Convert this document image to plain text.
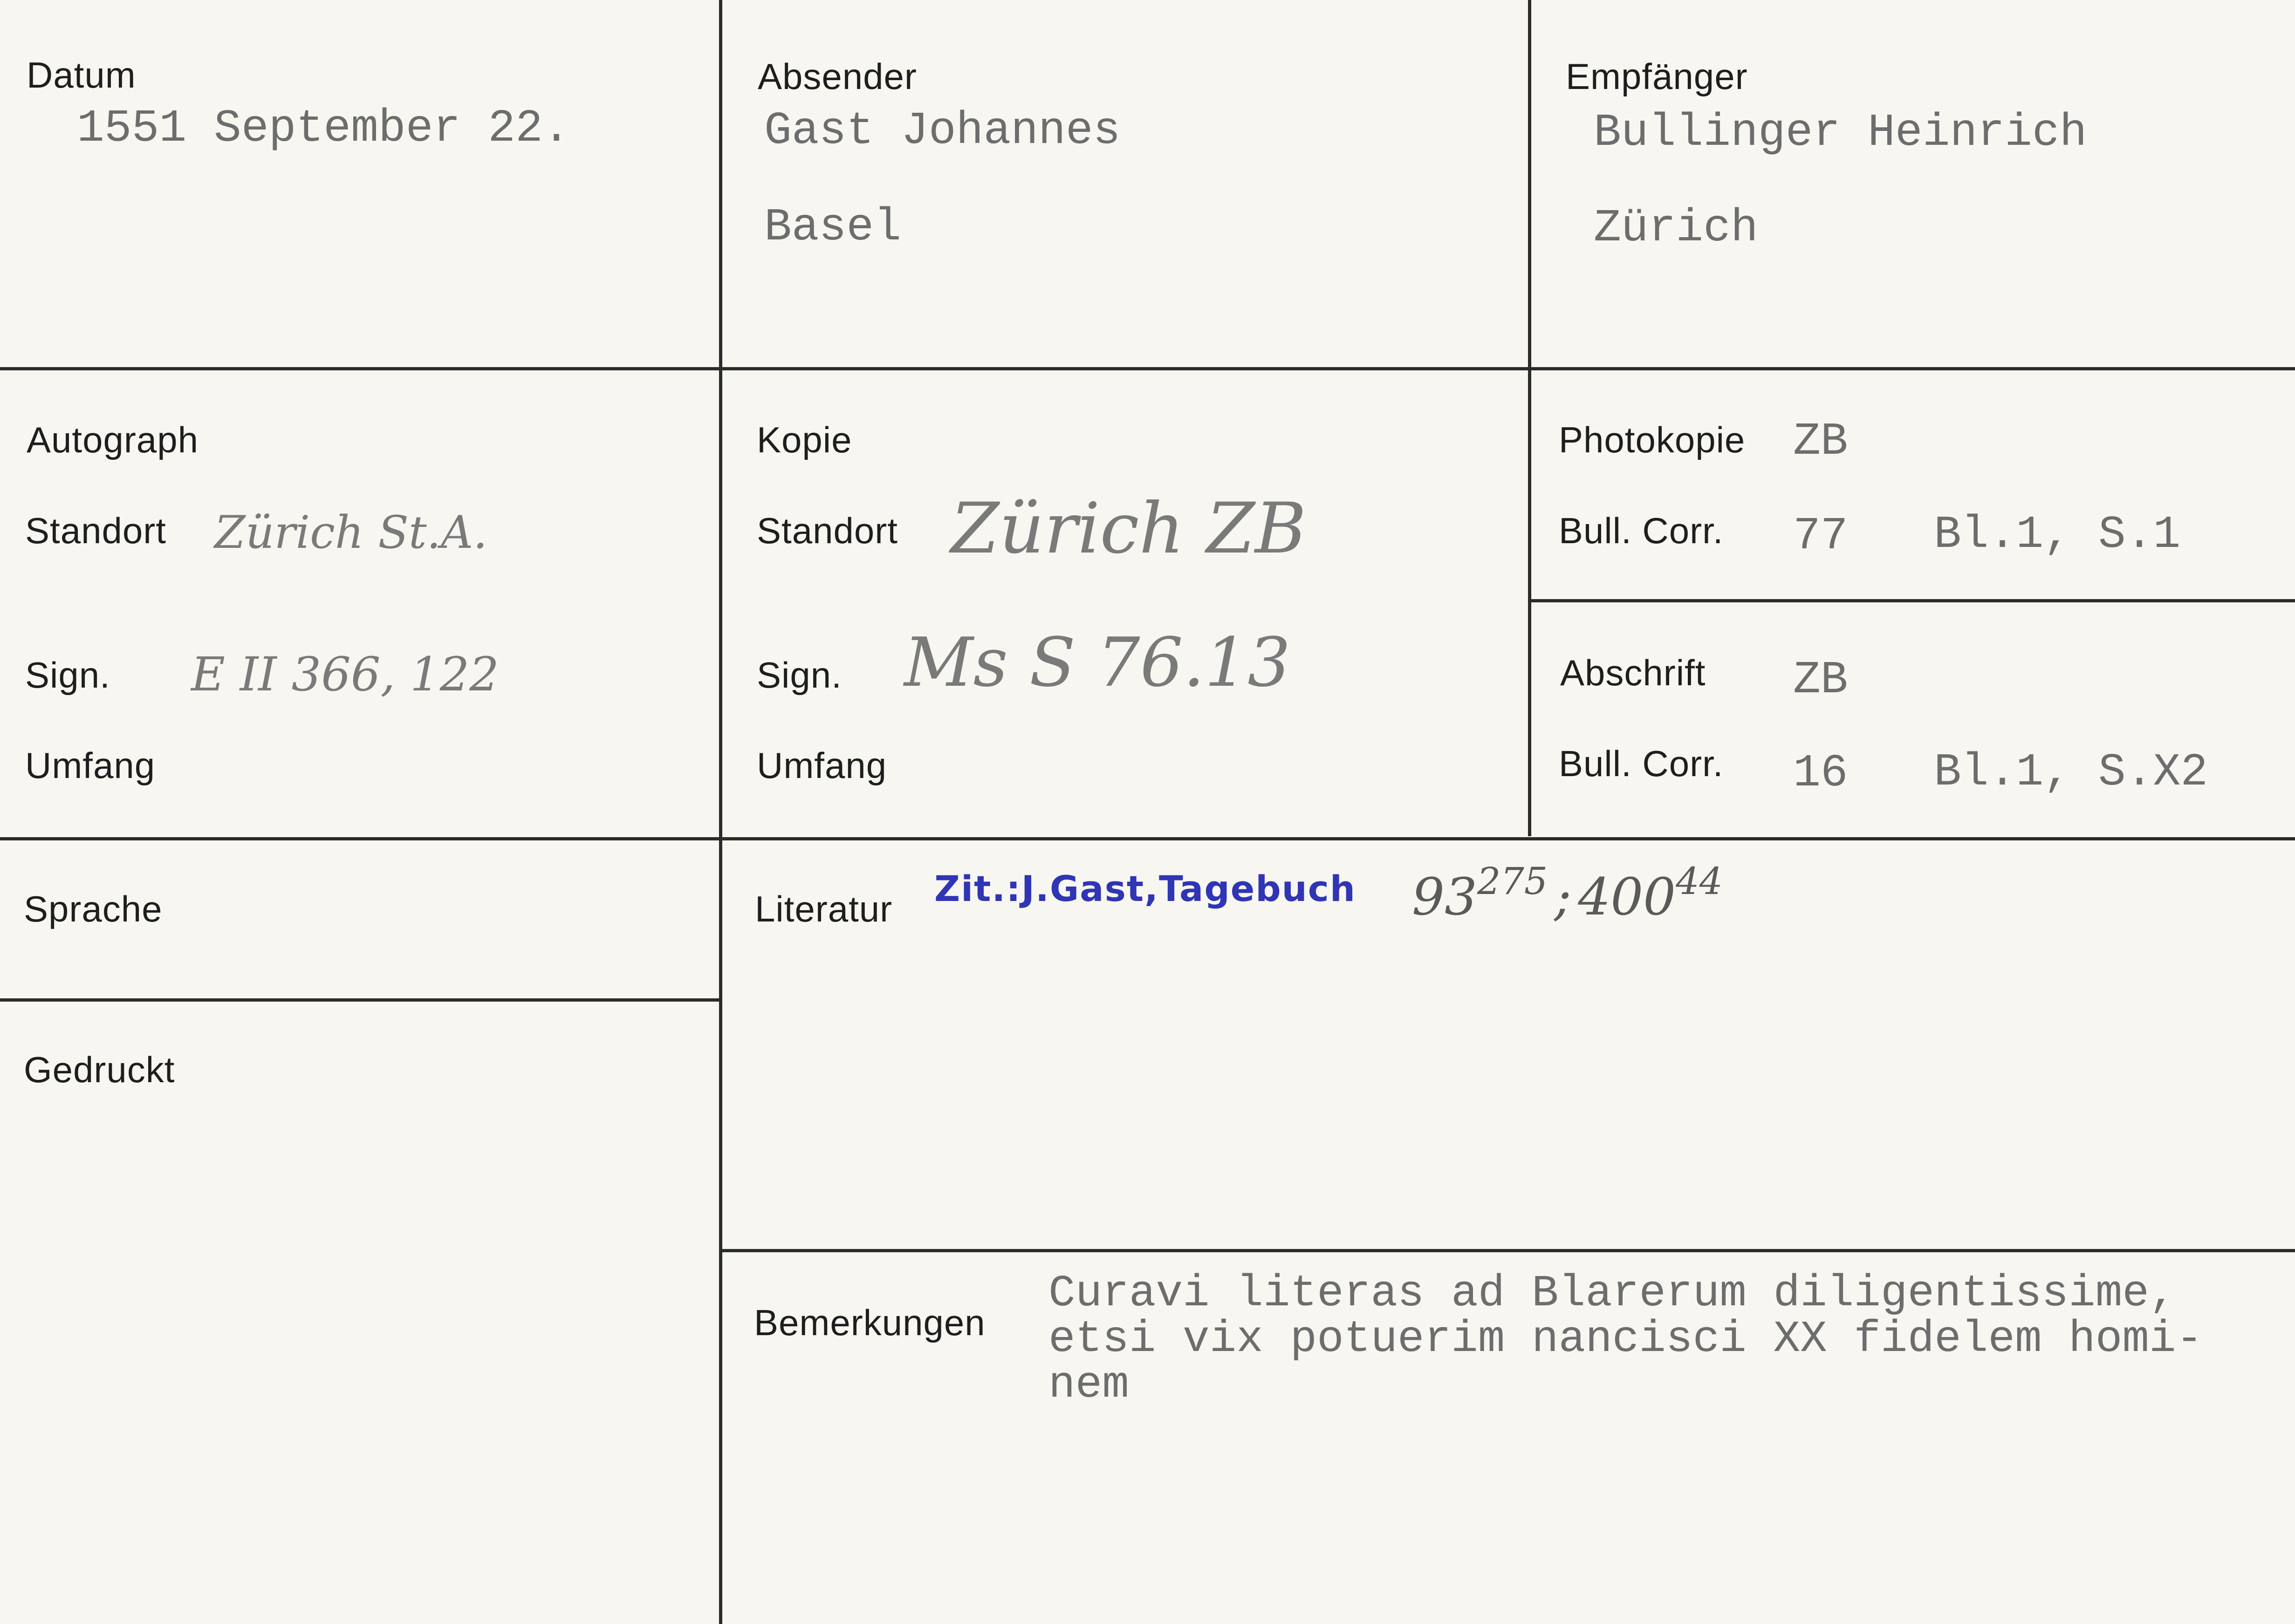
Datum
1551 September 22.
Absender
Gast Johannes
Basel
Empfänger
Bullinger Heinrich
Zürich
Autograph
Standort Zürich St.A.
Sign. E II 366, 122
Umfang
Kopie
Standort Zürich ZB
Sign. Ms S 76.13
Umfang
Photokopie ZB
Bull. Corr. 77 Bl.1, S.1
Abschrift ZB
Bull. Corr. 16 Bl.1, S.X2
Sprache
Gedruckt
Literatur Zit.:J.Gast,Tagebuch $93^{275}$ ; $400^{44}$
Bemerkungen
Curavi literas ad Blarerum diligentissime,
etsi vix potuerim nancisci XX fidelem homi-
nem
